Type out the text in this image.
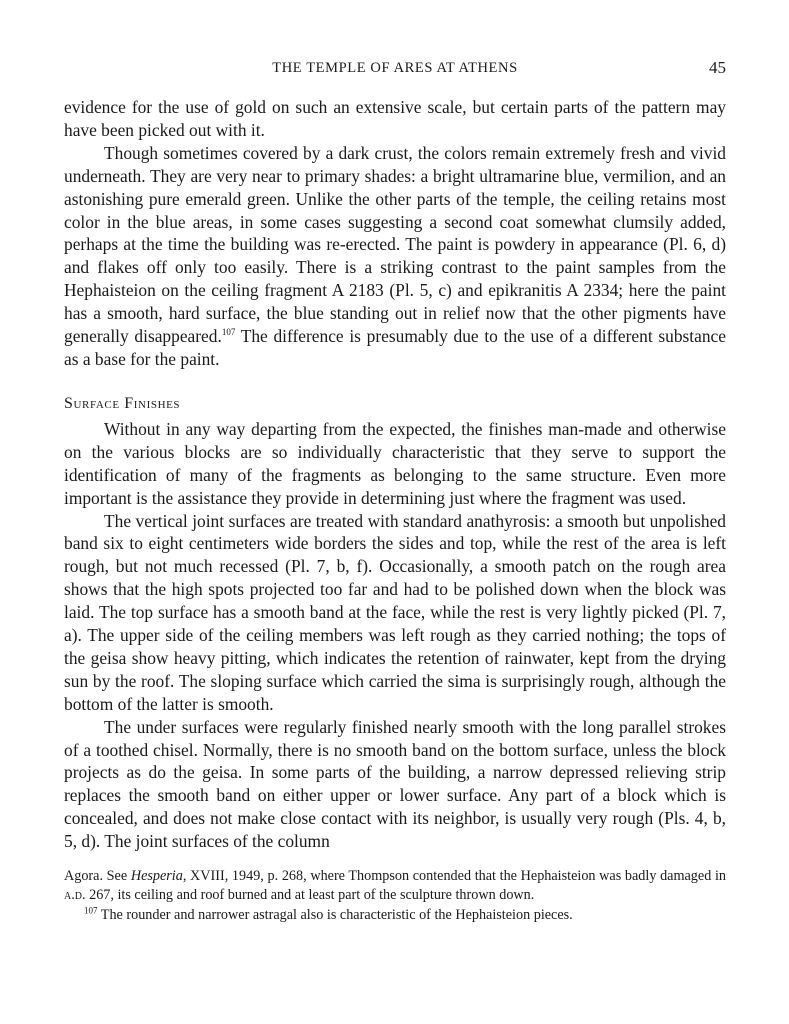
THE TEMPLE OF ARES AT ATHENS	45

evidence for the use of gold on such an extensive scale, but certain parts of the pattern may have been picked out with it.

Though sometimes covered by a dark crust, the colors remain extremely fresh and vivid underneath. They are very near to primary shades: a bright ultramarine blue, vermilion, and an astonishing pure emerald green. Unlike the other parts of the temple, the ceiling retains most color in the blue areas, in some cases suggesting a second coat somewhat clumsily added, perhaps at the time the building was re-erected. The paint is powdery in appearance (Pl. 6, d) and flakes off only too easily. There is a striking contrast to the paint samples from the Hephaisteion on the ceiling fragment A 2183 (Pl. 5, c) and epikranitis A 2334; here the paint has a smooth, hard surface, the blue standing out in relief now that the other pigments have generally disappeared.$^{107}$ The difference is presumably due to the use of a different substance as a base for the paint.

Surface Finishes

Without in any way departing from the expected, the finishes man-made and otherwise on the various blocks are so individually characteristic that they serve to support the identification of many of the fragments as belonging to the same structure. Even more important is the assistance they provide in determining just where the fragment was used.

The vertical joint surfaces are treated with standard anathyrosis: a smooth but unpolished band six to eight centimeters wide borders the sides and top, while the rest of the area is left rough, but not much recessed (Pl. 7, b, f). Occasionally, a smooth patch on the rough area shows that the high spots projected too far and had to be polished down when the block was laid. The top surface has a smooth band at the face, while the rest is very lightly picked (Pl. 7, a). The upper side of the ceiling members was left rough as they carried nothing; the tops of the geisa show heavy pitting, which indicates the retention of rainwater, kept from the drying sun by the roof. The sloping surface which carried the sima is surprisingly rough, although the bottom of the latter is smooth.

The under surfaces were regularly finished nearly smooth with the long parallel strokes of a toothed chisel. Normally, there is no smooth band on the bottom surface, unless the block projects as do the geisa. In some parts of the building, a narrow depressed relieving strip replaces the smooth band on either upper or lower surface. Any part of a block which is concealed, and does not make close contact with its neighbor, is usually very rough (Pls. 4, b, 5, d). The joint surfaces of the column

Agora. See Hesperia, XVIII, 1949, p. 268, where Thompson contended that the Hephaisteion was badly damaged in a.d. 267, its ceiling and roof burned and at least part of the sculpture thrown down.

$^{107}$ The rounder and narrower astragal also is characteristic of the Hephaisteion pieces.
